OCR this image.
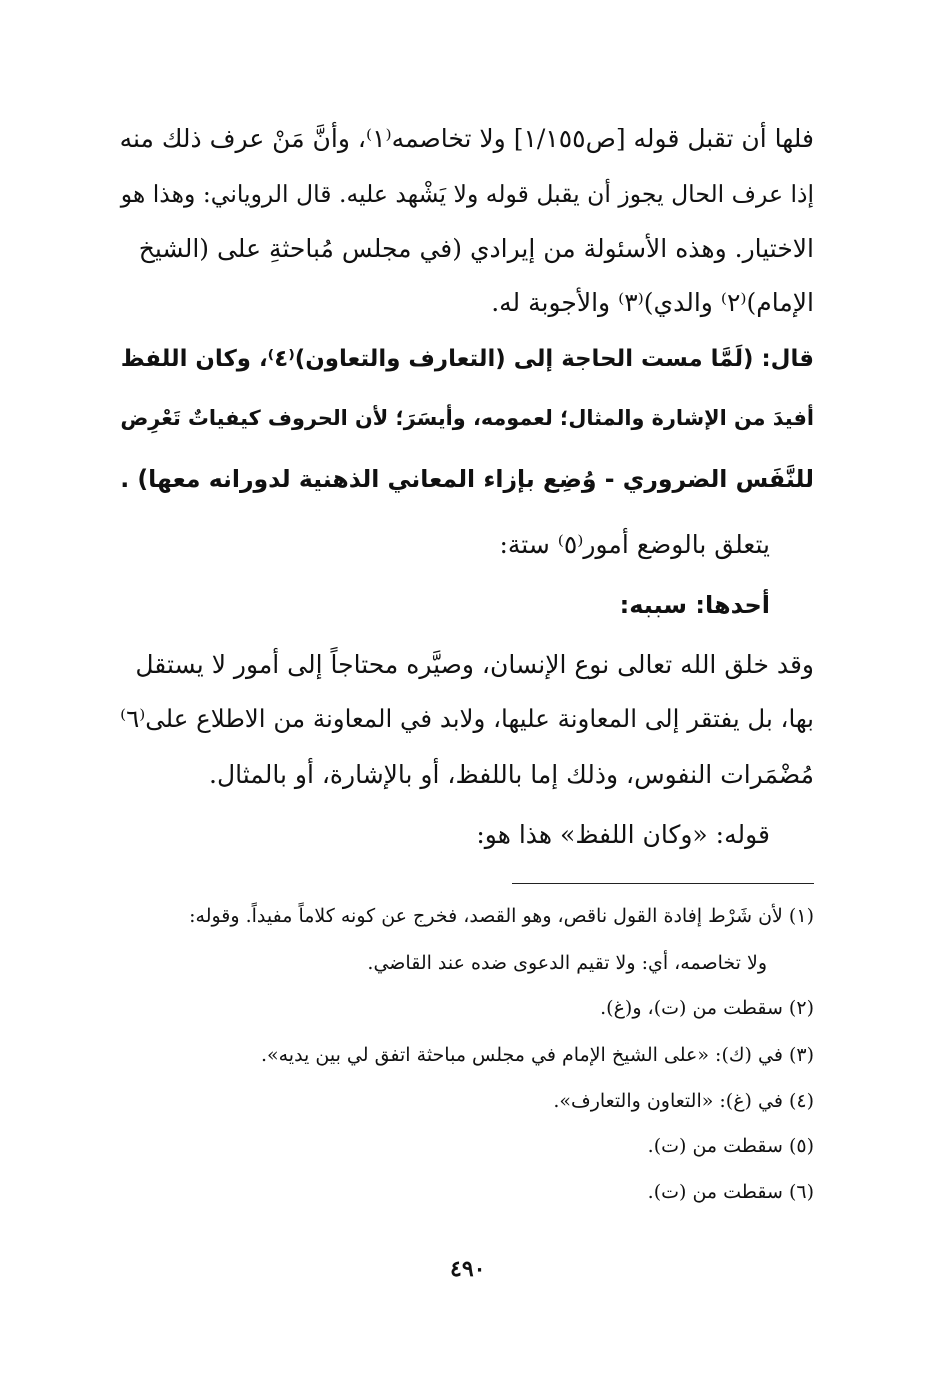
فلها أن تقبل قوله [ص١/١٥٥] ولا تخاصمه⁽١⁾، وأنَّ مَنْ عرف ذلك منه

إذا عرف الحال يجوز أن يقبل قوله ولا يَشْهد عليه. قال الروياني: وهذا هو

الاختيار. وهذه الأسئولة من إيرادي (في مجلس مُباحثةِ على (الشيخ

الإمام)⁽٢⁾ والدي)⁽٣⁾ والأجوبة له.

قال: (لَمَّا مست الحاجة إلى (التعارف والتعاون)⁽٤⁾، وكان اللفظ

أفيدَ من الإشارة والمثال؛ لعمومه، وأيسَرَ؛ لأن الحروف كيفياتٌ تَعْرِض

للنَّفَس الضروري - وُضِع بإزاء المعاني الذهنية لدورانه معها) .

يتعلق بالوضع أمور⁽٥⁾ ستة:

أحدها: سببه:

وقد خلق الله تعالى نوع الإنسان، وصيَّره محتاجاً إلى أمور لا يستقل

بها، بل يفتقر إلى المعاونة عليها، ولابد في المعاونة من الاطلاع على⁽٦⁾

مُضْمَرات النفوس، وذلك إما باللفظ، أو بالإشارة، أو بالمثال.

قوله: «وكان اللفظ» هذا هو:

(١) لأن شَرْط إفادة القول ناقص، وهو القصد، فخرج عن كونه كلاماً مفيداً. وقوله:

ولا تخاصمه، أي: ولا تقيم الدعوى ضده عند القاضي.

(٢) سقطت من (ت)، و(غ).

(٣) في (ك): «على الشيخ الإمام في مجلس مباحثة اتفق لي بين يديه».

(٤) في (غ): «التعاون والتعارف».

(٥) سقطت من (ت).

(٦) سقطت من (ت).

٤٩٠
